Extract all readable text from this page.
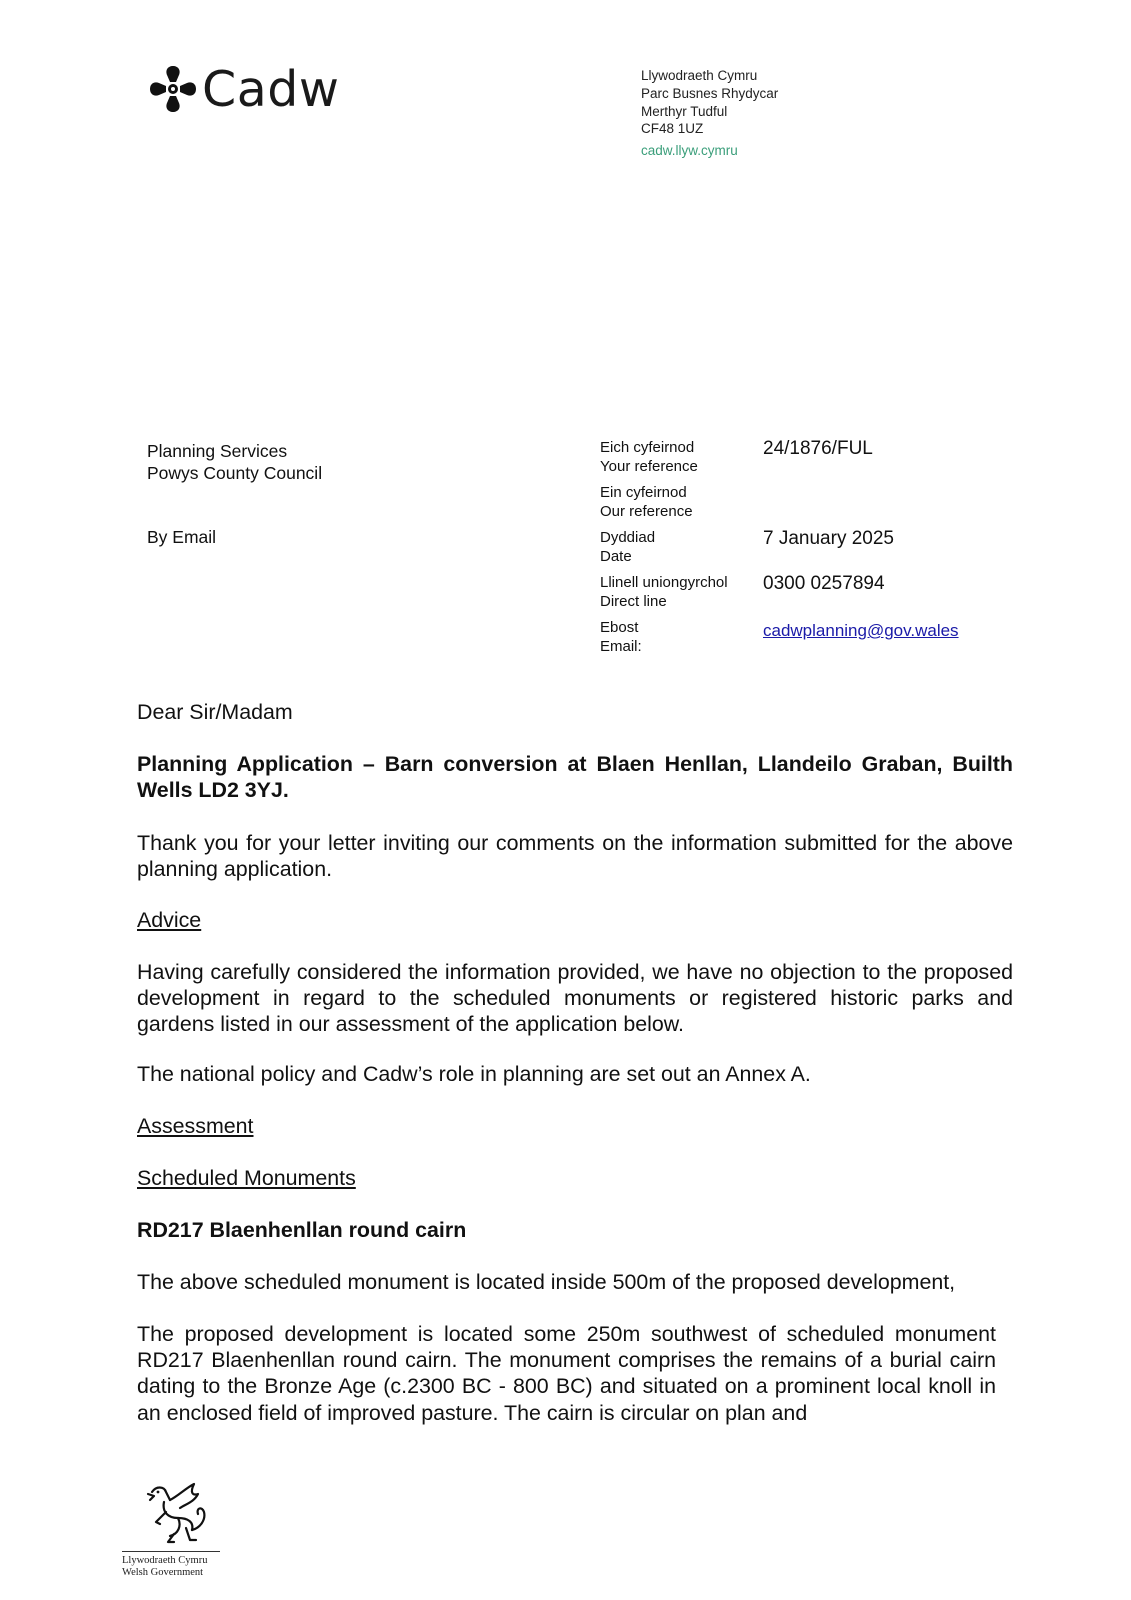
Cadw	Llywodraeth Cymru
Parc Busnes Rhydycar
Merthyr Tudful
CF48 1UZ
cadw.llyw.cymru
Planning Services
Powys County Council
By Email
Eich cyfeirnod
Your reference
24/1876/FUL
Ein cyfeirnod
Our reference
Dyddiad
Date
7 January 2025
Llinell uniongyrchol
Direct line
0300 0257894
Ebost
Email:
cadwplanning@gov.wales
Dear Sir/Madam
Planning Application – Barn conversion at Blaen Henllan, Llandeilo Graban, Builth Wells LD2 3YJ.
Thank you for your letter inviting our comments on the information submitted for the above planning application.
Advice
Having carefully considered the information provided, we have no objection to the proposed development in regard to the scheduled monuments or registered historic parks and gardens listed in our assessment of the application below.
The national policy and Cadw’s role in planning are set out an Annex A.
Assessment
Scheduled Monuments
RD217 Blaenhenllan round cairn
The above scheduled monument is located inside 500m of the proposed development,
The proposed development is located some 250m southwest of scheduled monument RD217 Blaenhenllan round cairn. The monument comprises the remains of a burial cairn dating to the Bronze Age (c.2300 BC - 800 BC) and situated on a prominent local knoll in an enclosed field of improved pasture. The cairn is circular on plan and
Llywodraeth Cymru
Welsh Government
